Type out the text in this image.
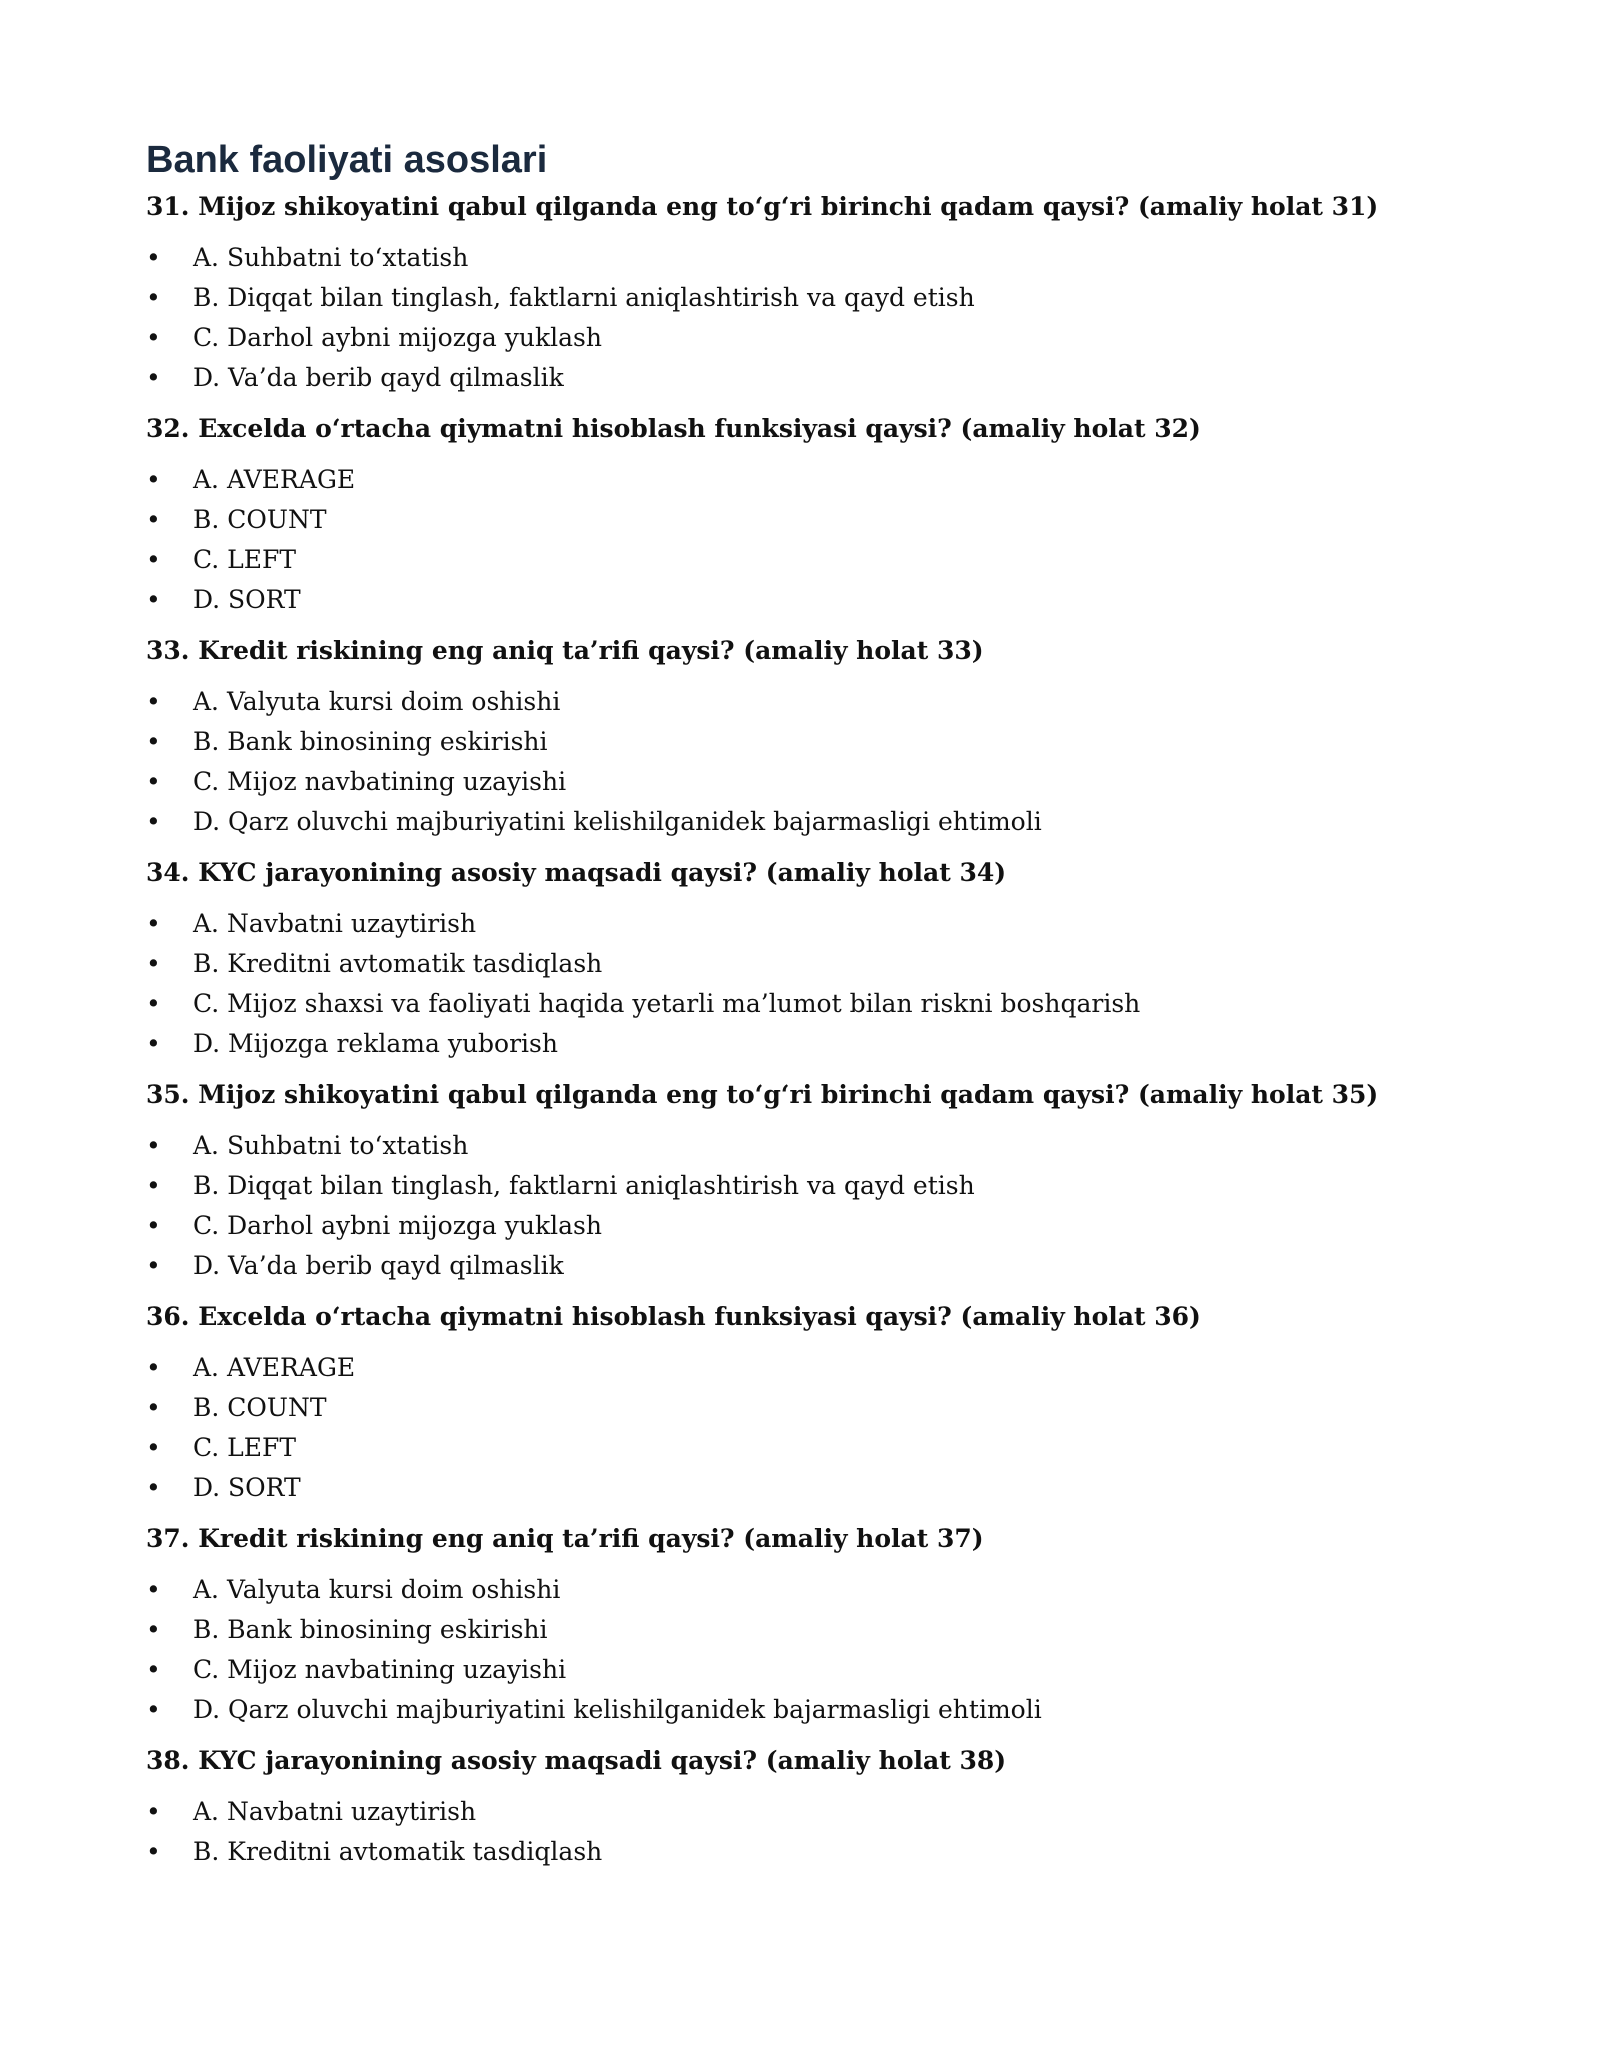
Bank faoliyati asoslari

31. Mijoz shikoyatini qabul qilganda eng to‘g‘ri birinchi qadam qaysi? (amaliy holat 31)

• A. Suhbatni to‘xtatish
• B. Diqqat bilan tinglash, faktlarni aniqlashtirish va qayd etish
• C. Darhol aybni mijozga yuklash
• D. Va’da berib qayd qilmaslik

32. Excelda o‘rtacha qiymatni hisoblash funksiyasi qaysi? (amaliy holat 32)

• A. AVERAGE
• B. COUNT
• C. LEFT
• D. SORT

33. Kredit riskining eng aniq ta’rifi qaysi? (amaliy holat 33)

• A. Valyuta kursi doim oshishi
• B. Bank binosining eskirishi
• C. Mijoz navbatining uzayishi
• D. Qarz oluvchi majburiyatini kelishilganidek bajarmasligi ehtimoli

34. KYC jarayonining asosiy maqsadi qaysi? (amaliy holat 34)

• A. Navbatni uzaytirish
• B. Kreditni avtomatik tasdiqlash
• C. Mijoz shaxsi va faoliyati haqida yetarli ma’lumot bilan riskni boshqarish
• D. Mijozga reklama yuborish

35. Mijoz shikoyatini qabul qilganda eng to‘g‘ri birinchi qadam qaysi? (amaliy holat 35)

• A. Suhbatni to‘xtatish
• B. Diqqat bilan tinglash, faktlarni aniqlashtirish va qayd etish
• C. Darhol aybni mijozga yuklash
• D. Va’da berib qayd qilmaslik

36. Excelda o‘rtacha qiymatni hisoblash funksiyasi qaysi? (amaliy holat 36)

• A. AVERAGE
• B. COUNT
• C. LEFT
• D. SORT

37. Kredit riskining eng aniq ta’rifi qaysi? (amaliy holat 37)

• A. Valyuta kursi doim oshishi
• B. Bank binosining eskirishi
• C. Mijoz navbatining uzayishi
• D. Qarz oluvchi majburiyatini kelishilganidek bajarmasligi ehtimoli

38. KYC jarayonining asosiy maqsadi qaysi? (amaliy holat 38)

• A. Navbatni uzaytirish
• B. Kreditni avtomatik tasdiqlash
